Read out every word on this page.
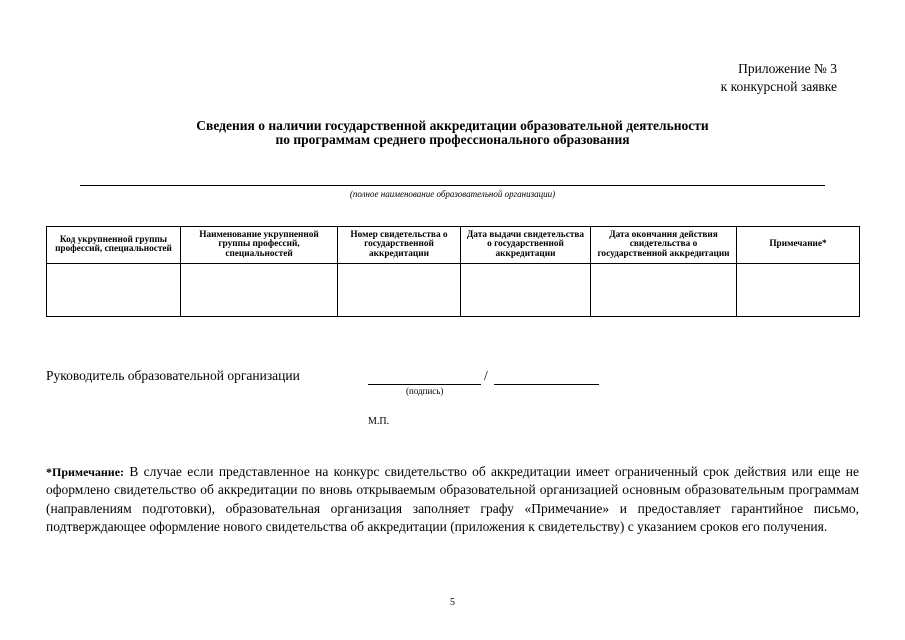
Приложение № 3
к конкурсной заявке
Сведения о наличии государственной аккредитации образовательной деятельности
по программам среднего профессионального образования
(полное наименование образовательной организации)
Код укрупненной группы профессий, специальностей	Наименование укрупненной группы профессий, специальностей	Номер свидетельства о государственной аккредитации	Дата выдачи свидетельства о государственной аккредитации	Дата окончания действия свидетельства о государственной аккредитации	Примечание*

Руководитель образовательной организации	/
(подпись)
М.П.
*Примечание: В случае если представленное на конкурс свидетельство об аккредитации имеет ограниченный срок действия или еще не оформлено свидетельство об аккредитации по вновь открываемым образовательной организацией основным образовательным программам (направлениям подготовки), образовательная организация заполняет графу «Примечание» и предоставляет гарантийное письмо, подтверждающее оформление нового свидетельства об аккредитации (приложения к свидетельству) с указанием сроков его получения.
5
